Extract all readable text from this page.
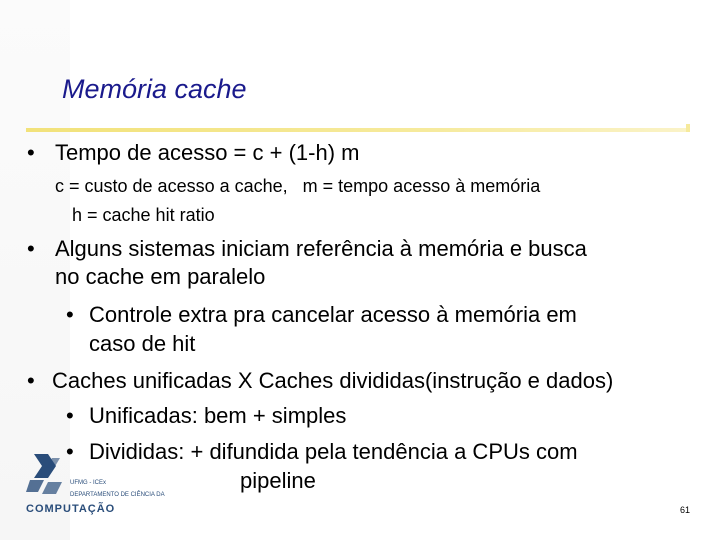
Memória cache
• Tempo de acesso = c + (1-h) m
c = custo de acesso a cache,   m = tempo acesso à memória
h = cache hit ratio
• Alguns sistemas iniciam referência à memória e busca
no cache em paralelo
• Controle extra pra cancelar acesso à memória em
caso de hit
• Caches unificadas X Caches divididas(instrução e dados)
• Unificadas: bem + simples
• Divididas: + difundida pela tendência a CPUs com
pipeline
UFMG - ICEx
DEPARTAMENTO DE CIÊNCIA DA
COMPUTAÇÃO	61
